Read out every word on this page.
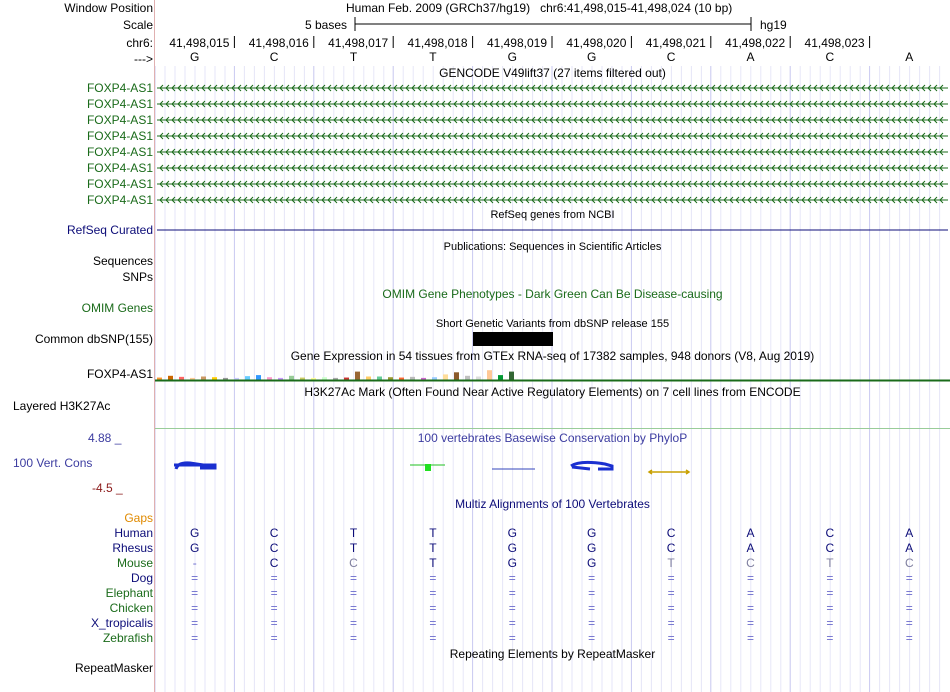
Window Position	Human Feb. 2009 (GRCh37/hg19)   chr6:41,498,015-41,498,024 (10 bp)
Scale	5 bases	hg19
chr6:
--->
GENCODE V49lift37 (27 items filtered out)
RefSeq genes from NCBI
RefSeq Curated
Publications: Sequences in Scientific Articles
Sequences
SNPs
OMIM Gene Phenotypes - Dark Green Can Be Disease-causing
OMIM Genes
Short Genetic Variants from dbSNP release 155
Common dbSNP(155)
Gene Expression in 54 tissues from GTEx RNA-seq of 17382 samples, 948 donors (V8, Aug 2019)
FOXP4-AS1
H3K27Ac Mark (Often Found Near Active Regulatory Elements) on 7 cell lines from ENCODE
Layered H3K27Ac
100 vertebrates Basewise Conservation by PhyloP
4.88 _
100 Vert. Cons
-4.5 _
Multiz Alignments of 100 Vertebrates
Gaps
Repeating Elements by RepeatMasker
RepeatMasker
41,498,015	41,498,016	41,498,017	41,498,018	41,498,019	41,498,020	41,498,021	41,498,022	41,498,023
G	C	T	T	G	G	C	A	C	A
FOXP4-AS1
FOXP4-AS1
FOXP4-AS1
FOXP4-AS1
FOXP4-AS1
FOXP4-AS1
FOXP4-AS1
FOXP4-AS1
Human	G	C	T	T	G	G	C	A	C	A
Rhesus	G	C	T	T	G	G	C	A	C	A
Mouse	-	C	C	T	G	G	T	C	T	C
Dog	=	=	=	=	=	=	=	=	=	=
Elephant	=	=	=	=	=	=	=	=	=	=
Chicken	=	=	=	=	=	=	=	=	=	=
X_tropicalis	=	=	=	=	=	=	=	=	=	=
Zebrafish	=	=	=	=	=	=	=	=	=	=
